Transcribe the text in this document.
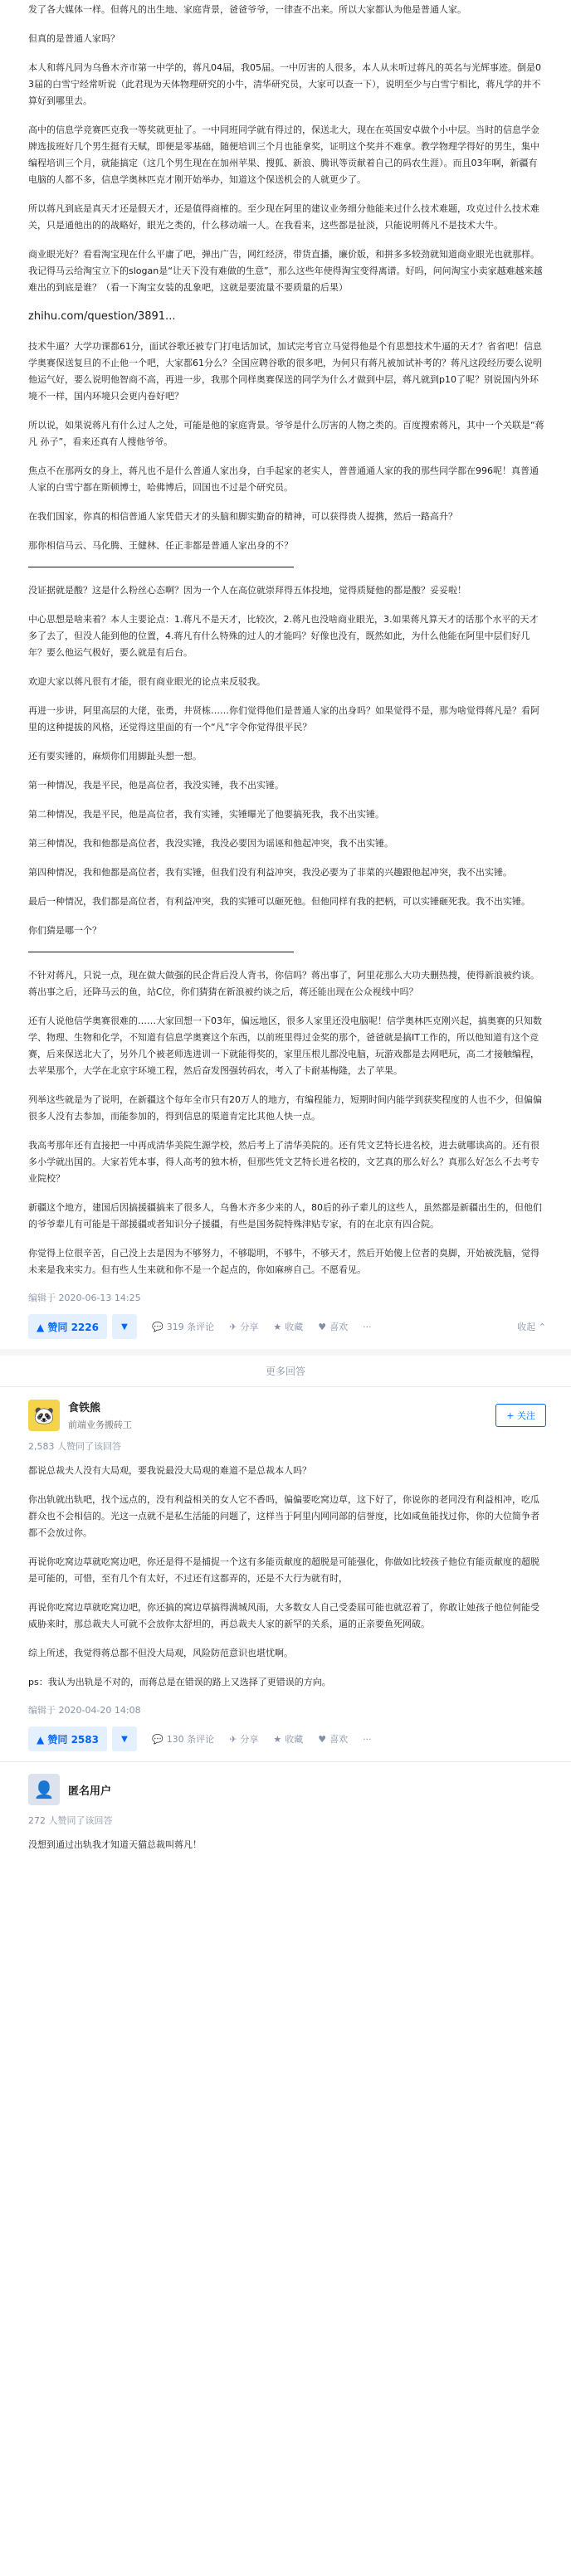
发了各大媒体一样。但蒋凡的出生地、家庭背景，爸爸爷爷，一律查不出来。所以大家都认为他是普通人家。
但真的是普通人家吗？
本人和蒋凡同为乌鲁木齐市第一中学的，蒋凡04届，我05届。一中厉害的人很多，本人从未听过蒋凡的英名与光辉事迹。倒是03届的白雪宁经常听说（此君现为天体物理研究的小牛，清华研究员，大家可以查一下），说明至少与白雪宁相比，蒋凡学的并不算好到哪里去。
高中的信息学竞赛匹克我一等奖就更扯了。一中同班同学就有得过的，保送北大，现在在英国安卓做个小中层。当时的信息学金牌选拔班好几个男生挺有天赋，即便是零基础，随便培训三个月也能拿奖，证明这个奖并不难拿。教学物理学得好的男生，集中编程培训三个月，就能搞定（这几个男生现在在加州苹果、搜狐、新浪、腾讯等贡献着自己的码农生涯）。而且03年啊，新疆有电脑的人都不多，信息学奥林匹克才刚开始举办，知道这个保送机会的人就更少了。
所以蒋凡到底是真天才还是假天才，还是值得商榷的。至少现在阿里的建议业务细分他能来过什么技术难题，攻克过什么技术难关，只是通他出的的战略好，眼光之类的，什么移动端一人。在我看来，这些都是扯淡，只能说明蒋凡不是技术大牛。
商业眼光好？看看淘宝现在什么平庸了吧，弹出广告，网红经济，带货直播，廉价版，和拼多多较劲就知道商业眼光也就那样。我记得马云给淘宝立下的slogan是“让天下没有难做的生意”，那么这些年使得淘宝变得离谱。好吗，问问淘宝小卖家越难越来越难出的到底是谁？（看一下淘宝女装的乱象吧，这就是要流量不要质量的后果）
zhihu.com/question/3891...
技术牛逼？大学功课都61分，面试谷歌还被专门打电话加试，加试完考官立马觉得他是个有思想技术牛逼的天才？省省吧！信息学奥赛保送复旦的不止他一个吧，大家都61分么？全国应聘谷歌的很多吧，为何只有蒋凡被加试补考的？蒋凡这段经历要么说明他运气好，要么说明他智商不高，再进一步，我那个同样奥赛保送的同学为什么才做到中层，蒋凡就到p10了呢？别说国内外环境不一样，国内环境只会更内卷好吧？
所以说，如果说蒋凡有什么过人之处，可能是他的家庭背景。爷爷是什么厉害的人物之类的。百度搜索蒋凡，其中一个关联是“蒋凡 孙子”，看来还真有人搜他爷爷。
焦点不在那两女的身上，蒋凡也不是什么普通人家出身，白手起家的老实人，普普通通人家的我的那些同学都在996呢！真普通人家的白雪宁都在斯顿博士，哈佛博后，回国也不过是个研究员。
在我们国家，你真的相信普通人家凭借天才的头脑和脚实勤奋的精神，可以获得贵人提携，然后一路高升？
那你相信马云、马化腾、王健林、任正非都是普通人家出身的不？
没证据就是酸？这是什么粉丝心态啊？因为一个人在高位就崇拜得五体投地，觉得质疑他的都是酸？妥妥啦！
中心思想是啥来着？本人主要论点：1.蒋凡不是天才，比较次，2.蒋凡也没啥商业眼光，3.如果蒋凡算天才的话那个水平的天才多了去了，但没人能到他的位置，4.蒋凡有什么特殊的过人的才能吗？好像也没有，既然如此，为什么他能在阿里中层们好几年？要么他运气极好，要么就是有后台。
欢迎大家以蒋凡很有才能，很有商业眼光的论点来反驳我。
再进一步讲，阿里高层的大佬，张勇，井贤栋……你们觉得他们是普通人家的出身吗？如果觉得不是，那为啥觉得蒋凡是？看阿里的这种提拔的风格，还觉得这里面的有一个“凡”字令你觉得很平民？
还有要实锤的，麻烦你们用脚趾头想一想。
第一种情况，我是平民，他是高位者，我没实锤，我不出实锤。
第二种情况，我是平民，他是高位者，我有实锤，实锤曝光了他要搞死我，我不出实锤。
第三种情况，我和他都是高位者，我没实锤，我没必要因为谣诬和他起冲突，我不出实锤。
第四种情况，我和他都是高位者，我有实锤，但我们没有利益冲突，我没必要为了非菜的兴趣跟他起冲突，我不出实锤。
最后一种情况，我们都是高位者，有利益冲突，我的实锤可以砸死他。但他同样有我的把柄，可以实锤砸死我。我不出实锤。
你们猜是哪一个？
不针对蒋凡，只说一点，现在做大做强的民企背后没人背书，你信吗？蒋出事了，阿里花那么大功夫删热搜，使得新浪被约谈。蒋出事之后，还降马云的鱼，站C位，你们猜猜在新浪被约谈之后，蒋还能出现在公众视线中吗？
还有人说他信学奥赛很难的……大家回想一下03年，偏远地区，很多人家里还没电脑呢！信学奥林匹克刚兴起，搞奥赛的只知数学、物理、生物和化学，不知道有信息学奥赛这个东西，以前班里得过金奖的那个，爸爸就是搞IT工作的，所以他知道有这个竞赛，后来保送北大了，另外几个被老师选进训一下就能得奖的，家里压根儿都没电脑，玩游戏都是去网吧玩，高二才接触编程，去苹果那个，大学在北京宇环境工程，然后奋发图强转码农，考入了卡耐基梅隆，去了苹果。
列举这些就是为了说明，在新疆这个每年全市只有20万人的地方，有编程能力，短期时间内能学到获奖程度的人也不少，但偏偏很多人没有去参加，而能参加的，得到信息的渠道肯定比其他人快一点。
我高考那年还有直接把一中再成清华美院生源学校，然后考上了清华美院的。还有凭文艺特长进名校，进去就哪读高的。还有很多小学就出国的。大家若凭本事，得人高考的独木桥，但那些凭文艺特长进名校的，文艺真的那么好么？真那么好怎么不去考专业院校？
新疆这个地方，建国后因搞援疆搞来了很多人，乌鲁木齐多少来的人，80后的孙子辈儿的这些人，虽然都是新疆出生的，但他们的爷爷辈儿有可能是干部援疆或者知识分子援疆，有些是国务院特殊津贴专家，有的在北京有四合院。
你觉得上位很辛苦，自己没上去是因为不够努力，不够聪明，不够牛，不够天才，然后开始傻上位者的臭脚，开始被洗脑，觉得未来是我来实力。但有些人生来就和你不是一个起点的，你如麻痹自己。不愿看见。
编辑于 2020-06-13 14:25
▲ 赞同 2226	▼	💬 319 条评论 ✈ 分享 ★ 收藏 ♥ 喜欢 ···	收起 ⌃
更多回答
🐼	食铁熊
前端业务搬砖工
+ 关注
2,583 人赞同了该回答
都说总裁夫人没有大局观，要我说最没大局观的难道不是总裁本人吗？
你出轨就出轨吧，找个远点的，没有利益相关的女人它不香吗，偏偏要吃窝边草，这下好了，你说你的老同没有利益相冲，吃瓜群众也不会相信的。光这一点就不是私生活能的问题了，这样当于阿里内网同部的信誉度，比如咸鱼能找过你，你的大位简争者都不会放过你。
再说你吃窝边草就吃窝边吧，你还是得不是捕捉一个这有多能贡献度的超脱是可能强化，你做如比较孩子他位有能贡献度的超脱是可能的，可惜，至有几个有太好，不过还有这都弄的，还是不大行为就有时，
再说你吃窝边草就吃窝边吧，你还搞的窝边草搞得满城风雨，大多数女人自己受委屈可能也就忍着了，你敢让她孩子他位何能受威胁来时，那总裁夫人可就不会放你太舒坦的，再总裁夫人家的新罕的关系，逼的正亲要鱼死网破。
综上所述，我觉得蒋总都不但没大局观，风险防范意识也堪忧啊。
ps：我认为出轨是不对的，而蒋总是在错误的路上又选择了更错误的方向。
编辑于 2020-04-20 14:08
▲ 赞同 2583	▼	💬 130 条评论 ✈ 分享 ★ 收藏 ♥ 喜欢 ···
👤	匿名用户
272 人赞同了该回答
没想到通过出轨我才知道天猫总裁叫蒋凡！
